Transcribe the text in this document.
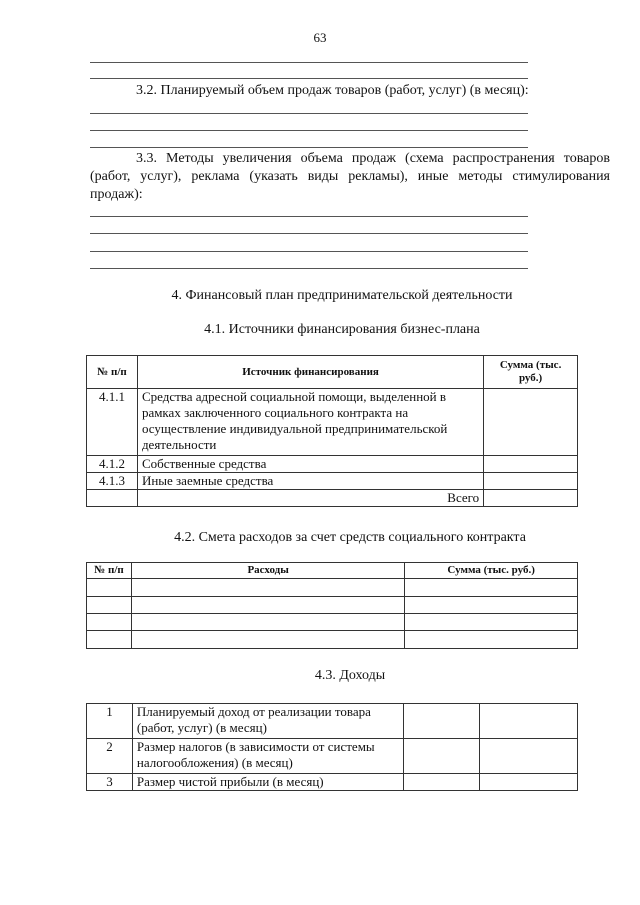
63
3.2. Планируемый объем продаж товаров (работ, услуг) (в месяц):
3.3. Методы увеличения объема продаж (схема распространения товаров (работ, услуг), реклама (указать виды рекламы), иные методы стимулирования продаж):
4. Финансовый план предпринимательской деятельности
4.1. Источники финансирования бизнес-плана
№ п/п	Источник финансирования	Сумма (тыс. руб.)
4.1.1	Средства адресной социальной помощи, выделенной в рамках заключенного социального контракта на осуществление индивидуальной предпринимательской деятельности	
4.1.2	Собственные средства	
4.1.3	Иные заемные средства	
	Всего	
4.2. Смета расходов за счет средств социального контракта
№ п/п	Расходы	Сумма (тыс. руб.)

4.3. Доходы
1	Планируемый доход от реализации товара (работ, услуг) (в месяц)		
2	Размер налогов (в зависимости от системы налогообложения) (в месяц)		
3	Размер чистой прибыли (в месяц)		
